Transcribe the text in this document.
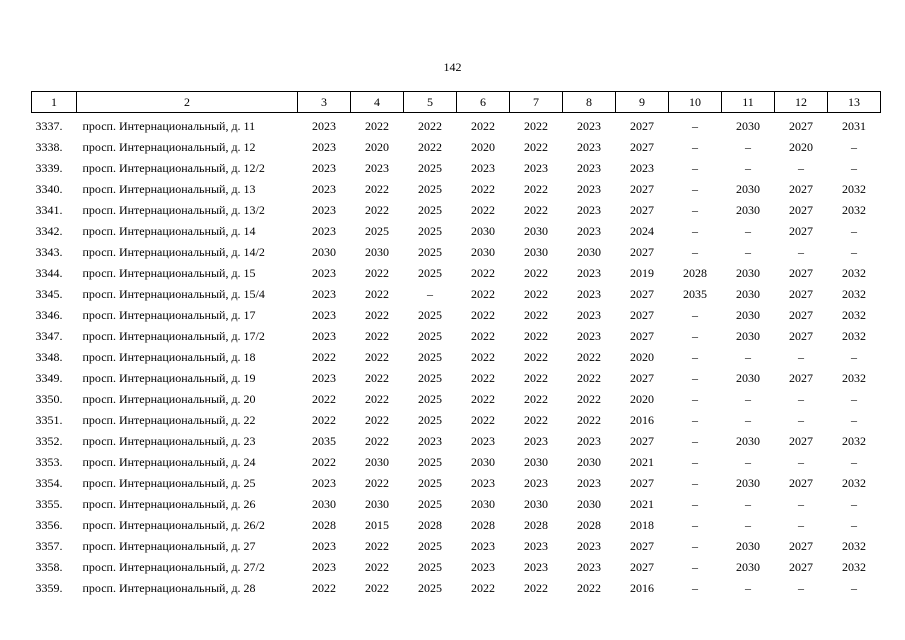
142
1	2	3	4	5	6	7	8	9	10	11	12	13
3337.	просп. Интернациональный, д. 11	2023	2022	2022	2022	2022	2023	2027	–	2030	2027	2031
3338.	просп. Интернациональный, д. 12	2023	2020	2022	2020	2022	2023	2027	–	–	2020	–
3339.	просп. Интернациональный, д. 12/2	2023	2023	2025	2023	2023	2023	2023	–	–	–	–
3340.	просп. Интернациональный, д. 13	2023	2022	2025	2022	2022	2023	2027	–	2030	2027	2032
3341.	просп. Интернациональный, д. 13/2	2023	2022	2025	2022	2022	2023	2027	–	2030	2027	2032
3342.	просп. Интернациональный, д. 14	2023	2025	2025	2030	2030	2023	2024	–	–	2027	–
3343.	просп. Интернациональный, д. 14/2	2030	2030	2025	2030	2030	2030	2027	–	–	–	–
3344.	просп. Интернациональный, д. 15	2023	2022	2025	2022	2022	2023	2019	2028	2030	2027	2032
3345.	просп. Интернациональный, д. 15/4	2023	2022	–	2022	2022	2023	2027	2035	2030	2027	2032
3346.	просп. Интернациональный, д. 17	2023	2022	2025	2022	2022	2023	2027	–	2030	2027	2032
3347.	просп. Интернациональный, д. 17/2	2023	2022	2025	2022	2022	2023	2027	–	2030	2027	2032
3348.	просп. Интернациональный, д. 18	2022	2022	2025	2022	2022	2022	2020	–	–	–	–
3349.	просп. Интернациональный, д. 19	2023	2022	2025	2022	2022	2022	2027	–	2030	2027	2032
3350.	просп. Интернациональный, д. 20	2022	2022	2025	2022	2022	2022	2020	–	–	–	–
3351.	просп. Интернациональный, д. 22	2022	2022	2025	2022	2022	2022	2016	–	–	–	–
3352.	просп. Интернациональный, д. 23	2035	2022	2023	2023	2023	2023	2027	–	2030	2027	2032
3353.	просп. Интернациональный, д. 24	2022	2030	2025	2030	2030	2030	2021	–	–	–	–
3354.	просп. Интернациональный, д. 25	2023	2022	2025	2023	2023	2023	2027	–	2030	2027	2032
3355.	просп. Интернациональный, д. 26	2030	2030	2025	2030	2030	2030	2021	–	–	–	–
3356.	просп. Интернациональный, д. 26/2	2028	2015	2028	2028	2028	2028	2018	–	–	–	–
3357.	просп. Интернациональный, д. 27	2023	2022	2025	2023	2023	2023	2027	–	2030	2027	2032
3358.	просп. Интернациональный, д. 27/2	2023	2022	2025	2023	2023	2023	2027	–	2030	2027	2032
3359.	просп. Интернациональный, д. 28	2022	2022	2025	2022	2022	2022	2016	–	–	–	–
